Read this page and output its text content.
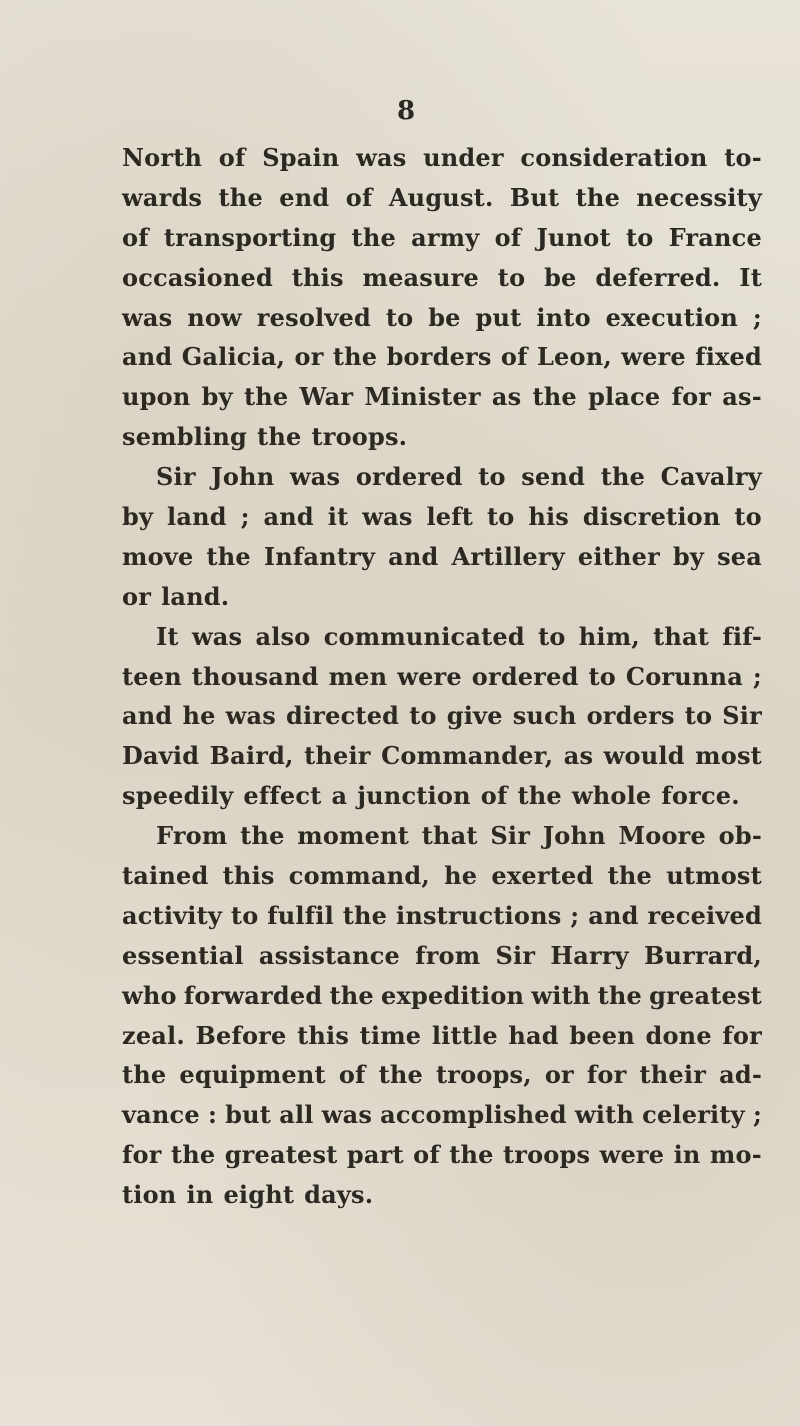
8
North of Spain was under consideration to-
wards the end of August. But the necessity
of transporting the army of Junot to France
occasioned this measure to be deferred. It
was now resolved to be put into execution ;
and Galicia, or the borders of Leon, were fixed
upon by the War Minister as the place for as-
sembling the troops.
Sir John was ordered to send the Cavalry
by land ; and it was left to his discretion to
move the Infantry and Artillery either by sea
or land.
It was also communicated to him, that fif-
teen thousand men were ordered to Corunna ;
and he was directed to give such orders to Sir
David Baird, their Commander, as would most
speedily effect a junction of the whole force.
From the moment that Sir John Moore ob-
tained this command, he exerted the utmost
activity to fulfil the instructions ; and received
essential assistance from Sir Harry Burrard,
who forwarded the expedition with the greatest
zeal. Before this time little had been done for
the equipment of the troops, or for their ad-
vance : but all was accomplished with celerity ;
for the greatest part of the troops were in mo-
tion in eight days.
